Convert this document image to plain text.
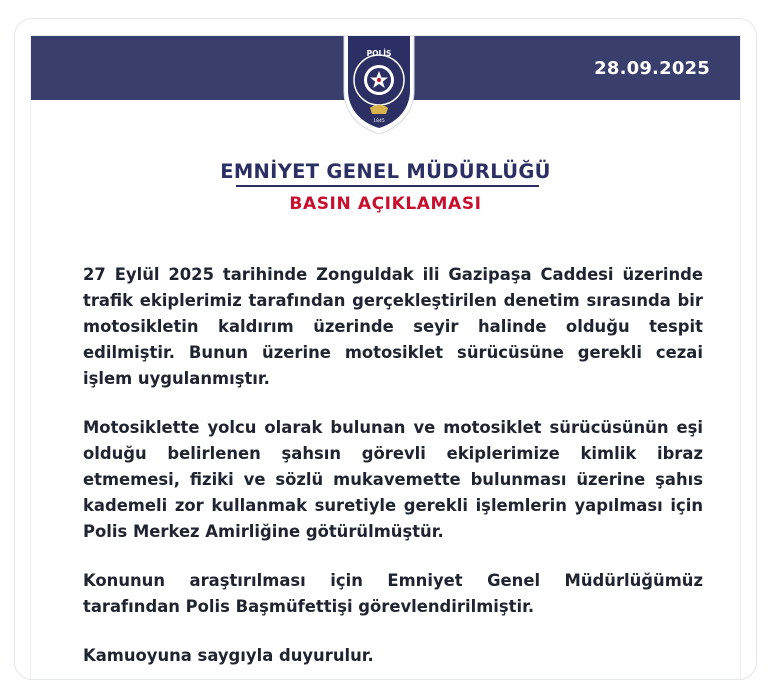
28.09.2025
POLİS
1845
EMNİYET GENEL MÜDÜRLÜĞÜ
BASIN AÇIKLAMASI

27 Eylül 2025 tarihinde Zonguldak ili Gazipaşa Caddesi üzerinde trafik ekiplerimiz tarafından gerçekleştirilen denetim sırasında bir motosikletin kaldırım üzerinde seyir halinde olduğu tespit edilmiştir. Bunun üzerine motosiklet sürücüsüne gerekli cezai işlem uygulanmıştır.

Motosiklette yolcu olarak bulunan ve motosiklet sürücüsünün eşi olduğu belirlenen şahsın görevli ekiplerimize kimlik ibraz etmemesi, fiziki ve sözlü mukavemette bulunması üzerine şahıs kademeli zor kullanmak suretiyle gerekli işlemlerin yapılması için Polis Merkez Amirliğine götürülmüştür.

Konunun araştırılması için Emniyet Genel Müdürlüğümüz tarafından Polis Başmüfettişi görevlendirilmiştir.

Kamuoyuna saygıyla duyurulur.
